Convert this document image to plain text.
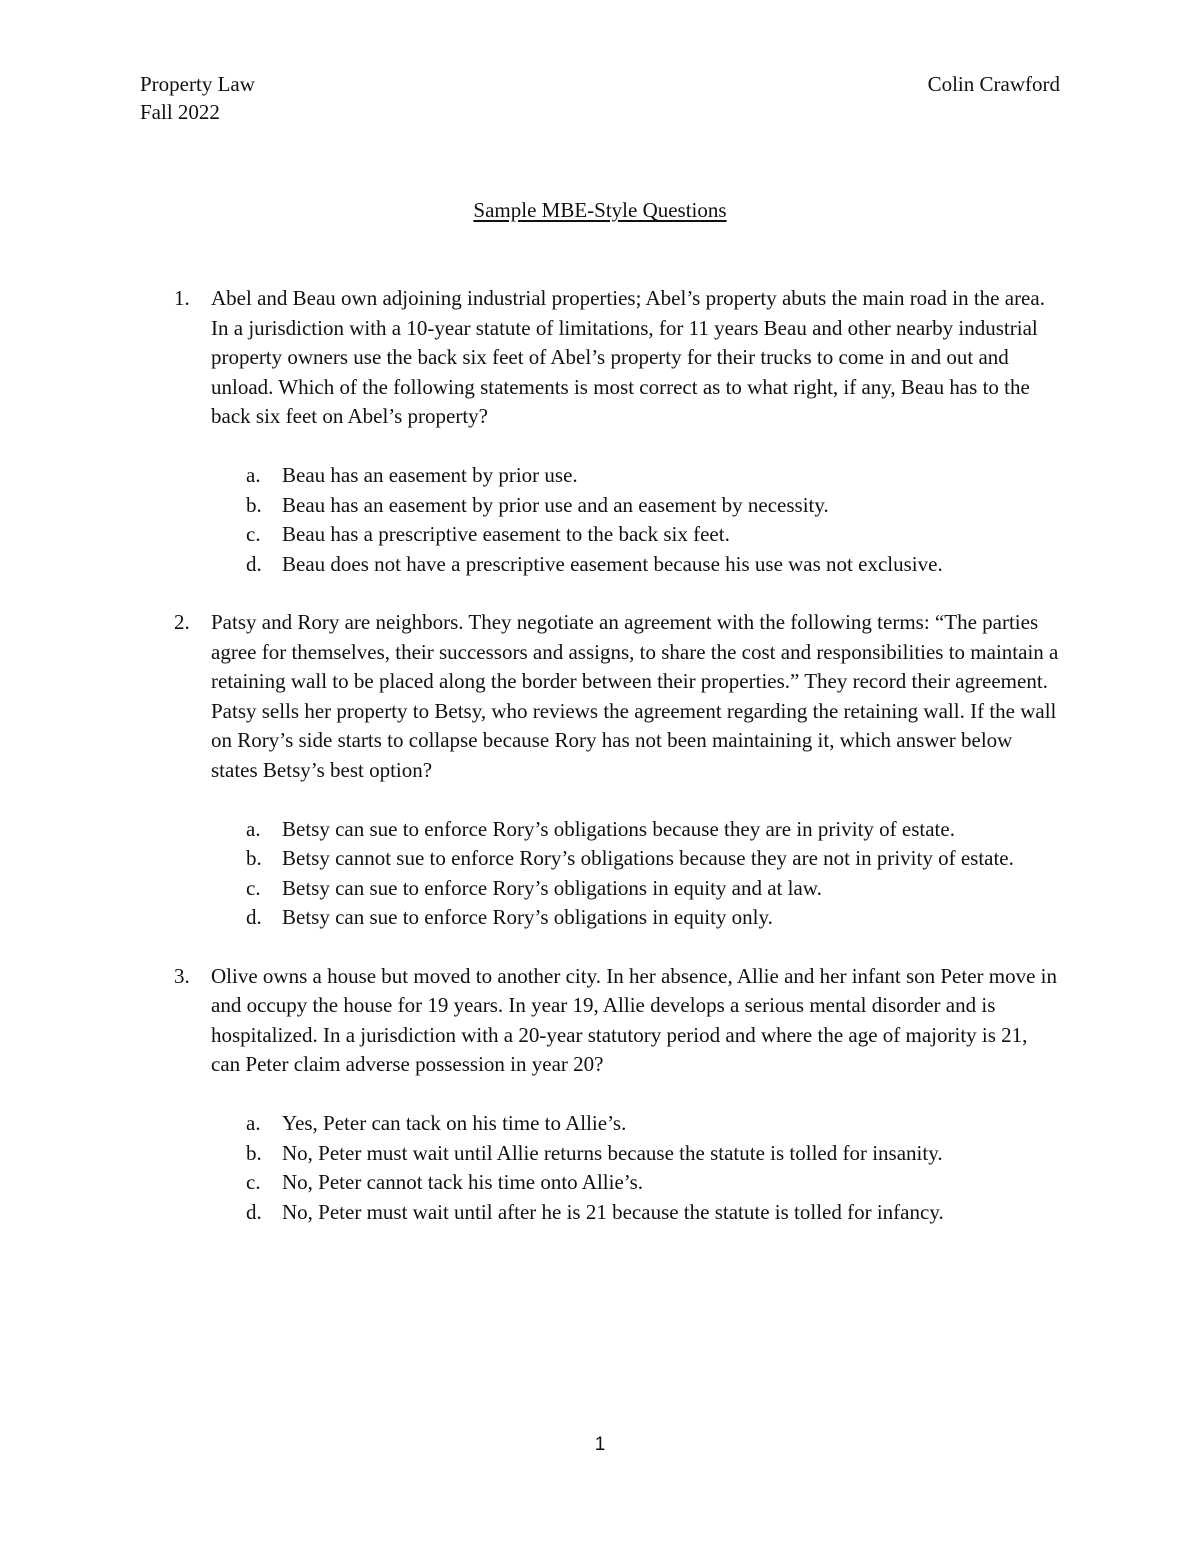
Property Law
Fall 2022
Colin Crawford
Sample MBE-Style Questions
1. Abel and Beau own adjoining industrial properties; Abel’s property abuts the main road in the area. In a jurisdiction with a 10-year statute of limitations, for 11 years Beau and other nearby industrial property owners use the back six feet of Abel’s property for their trucks to come in and out and unload. Which of the following statements is most correct as to what right, if any, Beau has to the back six feet on Abel’s property?
a. Beau has an easement by prior use.
b. Beau has an easement by prior use and an easement by necessity.
c. Beau has a prescriptive easement to the back six feet.
d. Beau does not have a prescriptive easement because his use was not exclusive.
2. Patsy and Rory are neighbors. They negotiate an agreement with the following terms: “The parties agree for themselves, their successors and assigns, to share the cost and responsibilities to maintain a retaining wall to be placed along the border between their properties.” They record their agreement. Patsy sells her property to Betsy, who reviews the agreement regarding the retaining wall. If the wall on Rory’s side starts to collapse because Rory has not been maintaining it, which answer below states Betsy’s best option?
a. Betsy can sue to enforce Rory’s obligations because they are in privity of estate.
b. Betsy cannot sue to enforce Rory’s obligations because they are not in privity of estate.
c. Betsy can sue to enforce Rory’s obligations in equity and at law.
d. Betsy can sue to enforce Rory’s obligations in equity only.
3. Olive owns a house but moved to another city. In her absence, Allie and her infant son Peter move in and occupy the house for 19 years. In year 19, Allie develops a serious mental disorder and is hospitalized. In a jurisdiction with a 20-year statutory period and where the age of majority is 21, can Peter claim adverse possession in year 20?
a. Yes, Peter can tack on his time to Allie’s.
b. No, Peter must wait until Allie returns because the statute is tolled for insanity.
c. No, Peter cannot tack his time onto Allie’s.
d. No, Peter must wait until after he is 21 because the statute is tolled for infancy.
1
